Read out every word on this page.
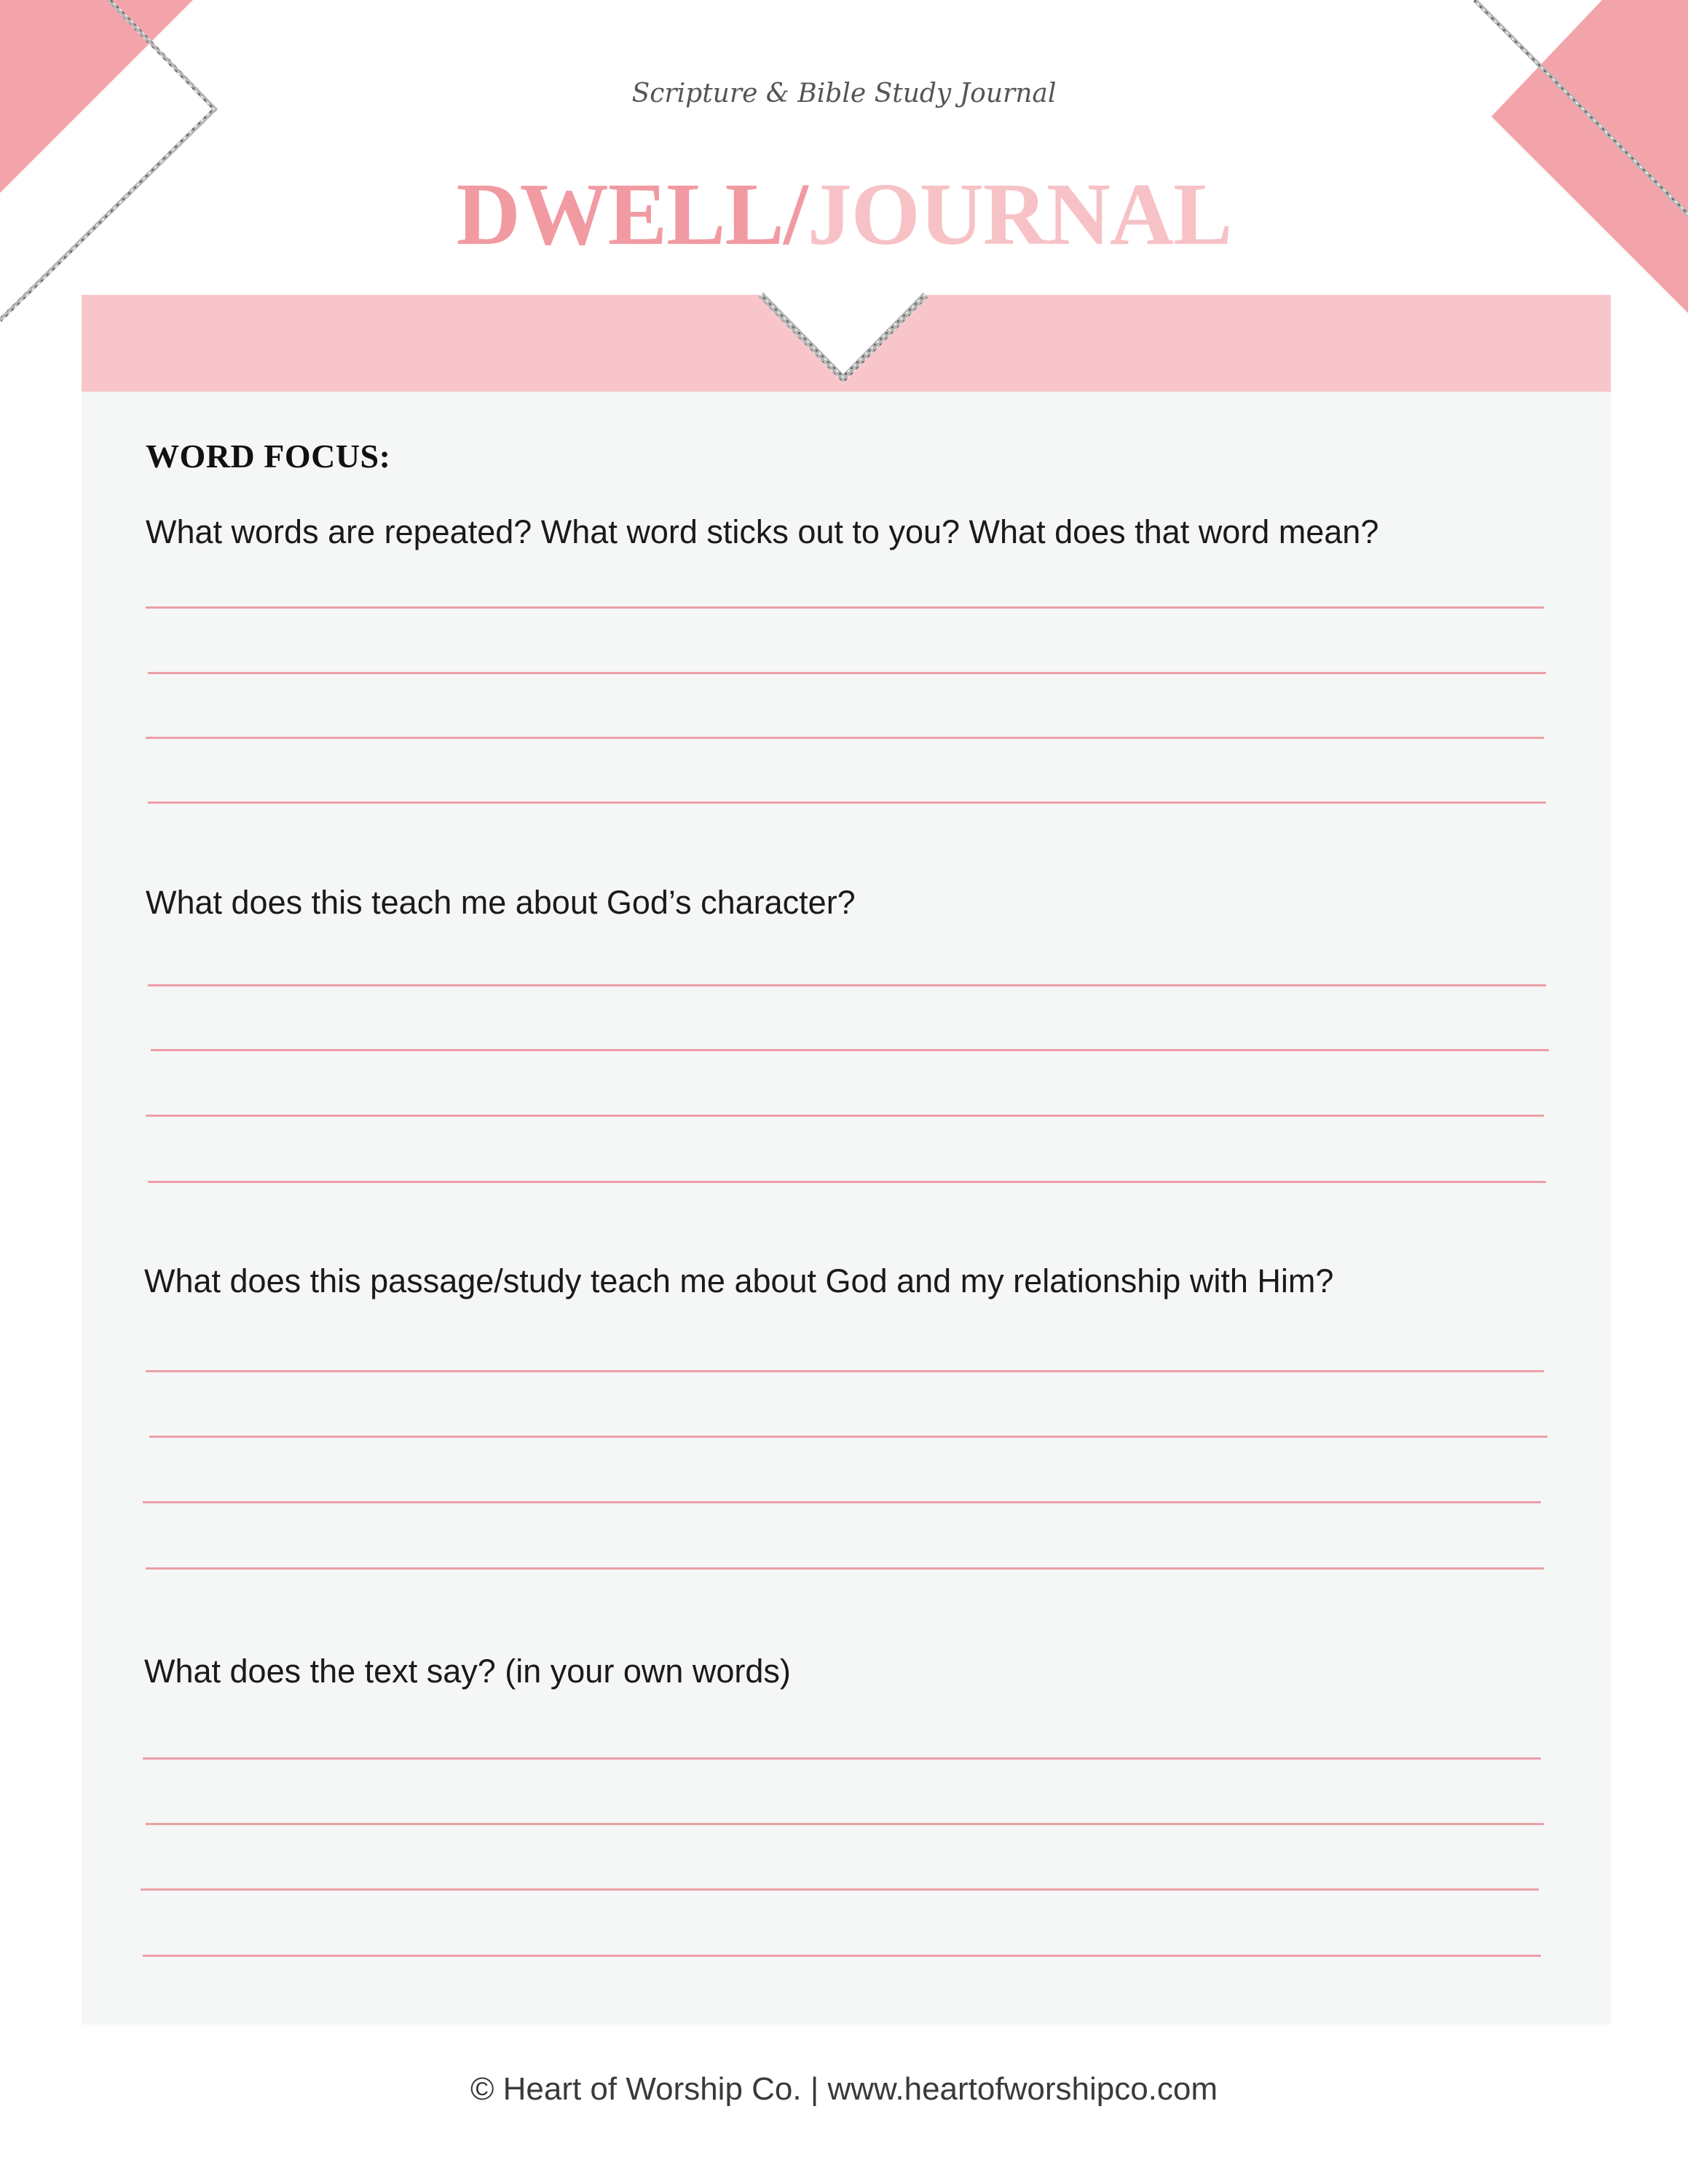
Scripture & Bible Study Journal
DWELL/JOURNAL
WORD FOCUS:
What words are repeated? What word sticks out to you? What does that word mean?
What does this teach me about God’s character?
What does this passage/study teach me about God and my relationship with Him?
What does the text say? (in your own words)
© Heart of Worship Co. | www.heartofworshipco.com
